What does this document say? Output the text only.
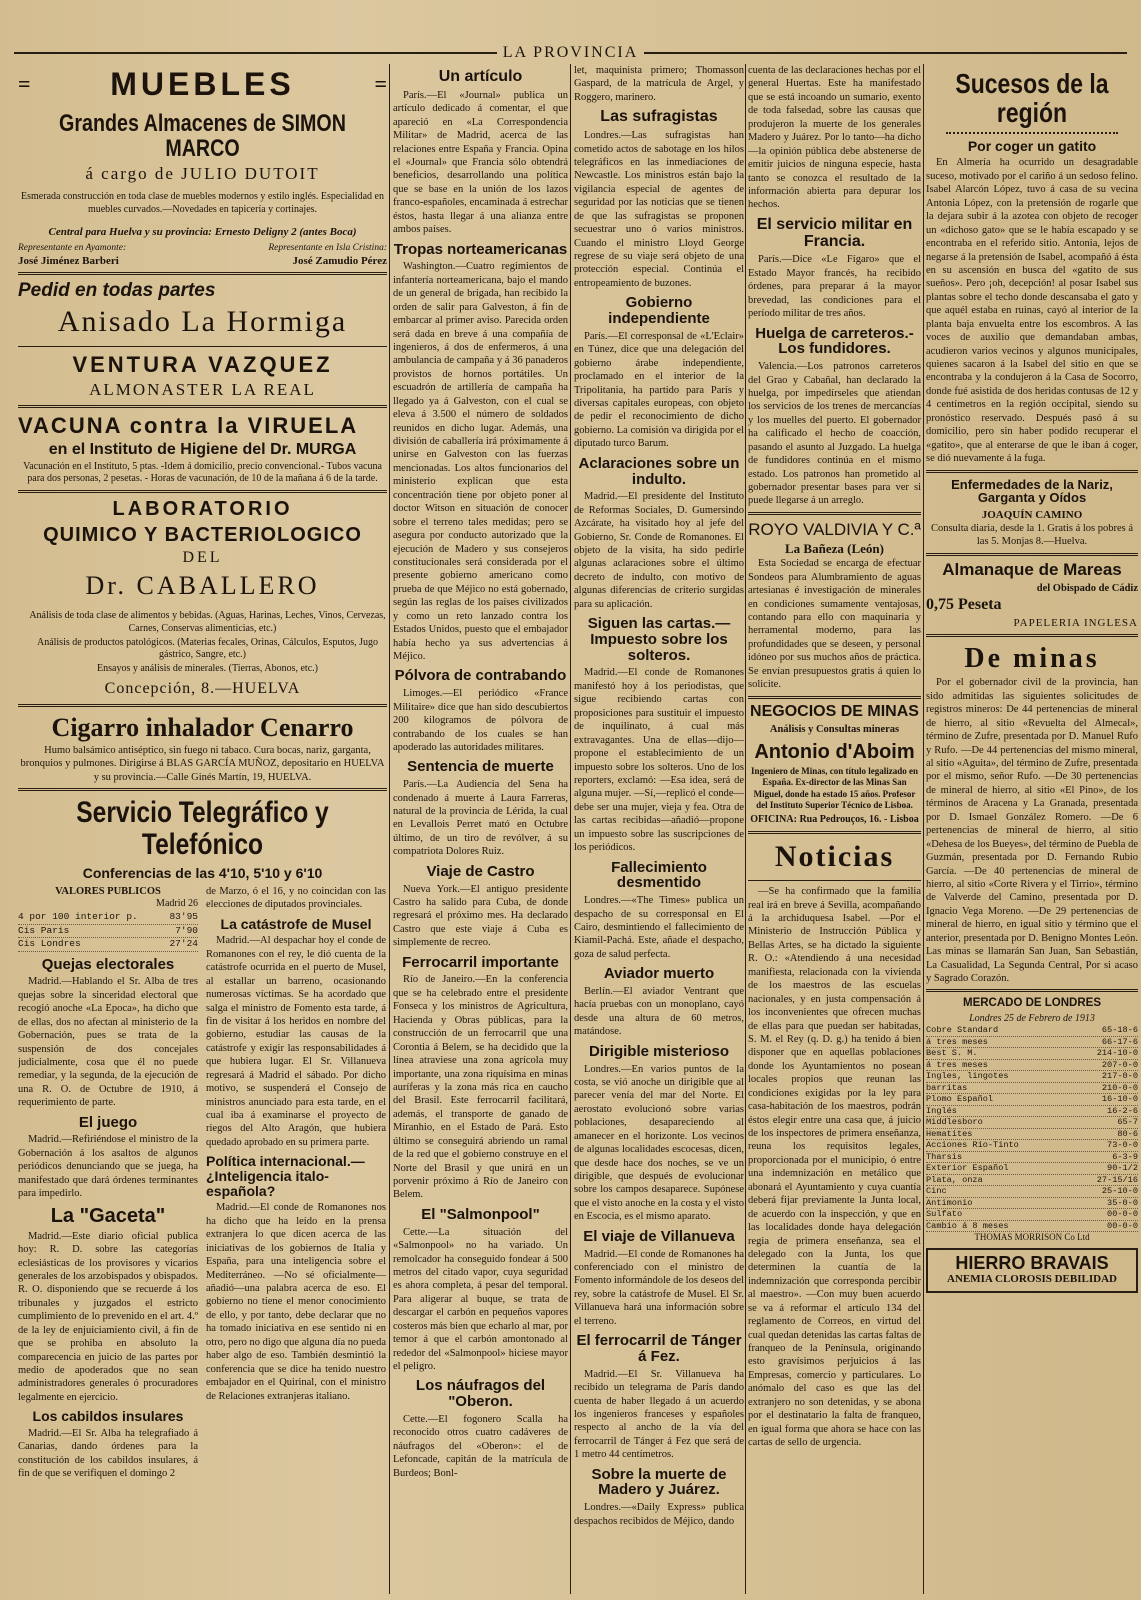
LA PROVINCIA
= MUEBLES	=
Grandes Almacenes de SIMON MARCO
á cargo de JULIO DUTOIT
Esmerada construcción en toda clase de muebles modernos y estilo inglés. Especialidad en muebles curvados.—Novedades en tapicería y cortinajes.
Central para Huelva y su provincia: Ernesto Deligny 2 (antes Boca)
Representante en Ayamonte:	Representante en Isla Cristina:
José Jiménez Barberi	José Zamudio Pérez
Pedid en todas partes
Anisado La Hormiga
VENTURA VAZQUEZ
ALMONASTER LA REAL
VACUNA contra la VIRUELA
en el Instituto de Higiene del Dr. MURGA
Vacunación en el Instituto, 5 ptas. -Idem á domicilio, precio convencional.- Tubos vacuna para dos personas, 2 pesetas. - Horas de vacunación, de 10 de la mañana á 6 de la tarde.
LABORATORIO
QUIMICO Y BACTERIOLOGICO
DEL
Dr. CABALLERO
Análisis de toda clase de alimentos y bebidas. (Aguas, Harinas, Leches, Vinos, Cervezas, Carnes, Conservas alimenticias, etc.)
Análisis de productos patológicos. (Materias fecales, Orinas, Cálculos, Esputos, Jugo gástrico, Sangre, etc.)
Ensayos y análisis de minerales. (Tierras, Abonos, etc.)
Concepción, 8.—HUELVA
Cigarro inhalador Cenarro
Humo balsámico antiséptico, sin fuego ni tabaco. Cura bocas, nariz, garganta, bronquios y pulmones. Dirigirse á BLAS GARCÍA MUÑOZ, depositario en HUELVA y su provincia.—Calle Ginés Martín, 19, HUELVA.
Servicio Telegráfico y Telefónico
Conferencias de las 4'10, 5'10 y 6'10
VALORES PUBLICOS
Madrid 26
4 por 100 interior p.	83'95
Cis Paris	7'90
Cis Londres	27'24
Quejas electorales
Madrid.—Hablando el Sr. Alba de tres quejas sobre la sinceridad electoral que recogió anoche «La Epoca», ha dicho que de ellas, dos no afectan al ministerio de la Gobernación, pues se trata de la suspensión de dos concejales judicialmente, cosa que él no puede remediar, y la segunda, de la ejecución de una R. O. de Octubre de 1910, á requerimiento de parte.
El juego
Madrid.—Refiriéndose el ministro de la Gobernación á los asaltos de algunos periódicos denunciando que se juega, ha manifestado que dará órdenes terminantes para impedirlo.
La "Gaceta"
Madrid.—Este diario oficial publica hoy: R. D. sobre las categorías eclesiásticas de los provisores y vicarios generales de los arzobispados y obispados. R. O. disponiendo que se recuerde á los tribunales y juzgados el estricto cumplimiento de lo prevenido en el art. 4.º de la ley de enjuiciamiento civil, á fin de que se prohiba en absoluto la comparecencia en juicio de las partes por medio de apoderados que no sean administradores generales ó procuradores legalmente en ejercicio.
Los cabildos insulares
Madrid.—El Sr. Alba ha telegrafiado á Canarias, dando órdenes para la constitución de los cabildos insulares, á fin de que se verifiquen el domingo 2
de Marzo, ó el 16, y no coincidan con las elecciones de diputados provinciales.
La catástrofe de Musel
Madrid.—Al despachar hoy el conde de Romanones con el rey, le dió cuenta de la catástrofe ocurrida en el puerto de Musel, al estallar un barreno, ocasionando numerosas víctimas. Se ha acordado que salga el ministro de Fomento esta tarde, á fin de visitar á los heridos en nombre del gobierno, estudiar las causas de la catástrofe y exigir las responsabilidades á que hubiera lugar. El Sr. Villanueva regresará á Madrid el sábado. Por dicho motivo, se suspenderá el Consejo de ministros anunciado para esta tarde, en el cual iba á examinarse el proyecto de riegos del Alto Aragón, que hubiera quedado aprobado en su primera parte.
Política internacional.—¿Inteligencia italo-española?
Madrid.—El conde de Romanones nos ha dicho que ha leído en la prensa extranjera lo que dicen acerca de las iniciativas de los gobiernos de Italia y España, para una inteligencia sobre el Mediterráneo. —No sé oficialmente—añadió—una palabra acerca de eso. El gobierno no tiene el menor conocimiento de ello, y por tanto, debe declarar que no ha tomado iniciativa en ese sentido ni en otro, pero no digo que alguna día no pueda haber algo de eso. También desmintió la conferencia que se dice ha tenido nuestro embajador en el Quirinal, con el ministro de Relaciones extranjeras italiano.
Un artículo
París.—El «Journal» publica un artículo dedicado á comentar, el que apareció en «La Correspondencia Militar» de Madrid, acerca de las relaciones entre España y Francia. Opina el «Journal» que Francia sólo obtendrá beneficios, desarrollando una política que se base en la unión de los lazos franco-españoles, encaminada á estrechar éstos, hasta llegar á una alianza entre ambos países.
Tropas norteamericanas
Washington.—Cuatro regimientos de infantería norteamericana, bajo el mando de un general de brigada, han recibido la orden de salir para Galveston, á fin de embarcar al primer aviso. Parecida orden será dada en breve á una compañía de ingenieros, á dos de enfermeros, á una ambulancia de campaña y á 36 panaderos provistos de hornos portátiles. Un escuadrón de artillería de campaña ha llegado ya á Galveston, con el cual se eleva á 3.500 el número de soldados reunidos en dicho lugar. Además, una división de caballería irá próximamente á unirse en Galveston con las fuerzas mencionadas. Los altos funcionarios del ministerio explican que esta concentración tiene por objeto poner al doctor Witson en situación de conocer sobre el terreno tales medidas; pero se asegura por conducto autorizado que la ejecución de Madero y sus consejeros constitucionales será considerada por el presente gobierno americano como prueba de que Méjico no está gobernado, según las reglas de los países civilizados y como un reto lanzado contra los Estados Unidos, puesto que el embajador había hecho ya sus advertencias á Méjico.
Pólvora de contrabando
Limoges.—El periódico «France Militaire» dice que han sido descubiertos 200 kilogramos de pólvora de contrabando de los cuales se han apoderado las autoridades militares.
Sentencia de muerte
París.—La Audiencia del Sena ha condenado á muerte á Laura Farreras, natural de la provincia de Lérida, la cual en Levallois Perret mató en Octubre último, de un tiro de revólver, á su compatriota Dolores Ruiz.
Viaje de Castro
Nueva York.—El antiguo presidente Castro ha salido para Cuba, de donde regresará el próximo mes. Ha declarado Castro que este viaje á Cuba es simplemente de recreo.
Ferrocarril importante
Río de Janeiro.—En la conferencia que se ha celebrado entre el presidente Fonseca y los ministros de Agricultura, Hacienda y Obras públicas, para la construcción de un ferrocarril que una Corontia á Belem, se ha decidido que la línea atraviese una zona agrícola muy importante, una zona riquísima en minas auríferas y la zona más rica en caucho del Brasil. Este ferrocarril facilitará, además, el transporte de ganado de Miranhio, en el Estado de Pará. Esto último se conseguirá abriendo un ramal de la red que el gobierno construye en el Norte del Brasil y que unirá en un porvenir próximo á Río de Janeiro con Belem.
El "Salmonpool"
Cette.—La situación del «Salmonpool» no ha variado. Un remolcador ha conseguido fondear á 500 metros del citado vapor, cuya seguridad es ahora completa, á pesar del temporal. Para aligerar al buque, se trata de descargar el carbón en pequeños vapores costeros más bien que echarlo al mar, por temor á que el carbón amontonado al rededor del «Salmonpool» hiciese mayor el peligro.
Los náufragos del "Oberon.
Cette.—El fogonero Scalla ha reconocido otros cuatro cadáveres de náufragos del «Oberon»: el de Lefoncade, capitán de la matrícula de Burdeos; Bonl-
let, maquinista primero; Thomasson Gaspard, de la matrícula de Argel, y Roggero, marinero.
Las sufragistas
Londres.—Las sufragistas han cometido actos de sabotage en los hilos telegráficos en las inmediaciones de Newcastle. Los ministros están bajo la vigilancia especial de agentes de seguridad por las noticias que se tienen de que las sufragistas se proponen secuestrar uno ó varios ministros. Cuando el ministro Lloyd George regrese de su viaje será objeto de una protección especial. Continúa el entropeamiento de buzones.
Gobierno independiente
París.—El corresponsal de «L'Eclair» en Túnez, dice que una delegación del gobierno árabe independiente, proclamado en el interior de la Tripolitania, ha partido para París y diversas capitales europeas, con objeto de pedir el reconocimiento de dicho gobierno. La comisión va dirigida por el diputado turco Barum.
Aclaraciones sobre un indulto.
Madrid.—El presidente del Instituto de Reformas Sociales, D. Gumersindo Azcárate, ha visitado hoy al jefe del Gobierno, Sr. Conde de Romanones. El objeto de la visita, ha sido pedirle algunas aclaraciones sobre el último decreto de indulto, con motivo de algunas diferencias de criterio surgidas para su aplicación.
Siguen las cartas.—Impuesto sobre los solteros.
Madrid.—El conde de Romanones manifestó hoy á los periodistas, que sigue recibiendo cartas con proposiciones para sustituir el impuesto de inquilinato, á cual más extravagantes. Una de ellas—dijo—propone el establecimiento de un impuesto sobre los solteros. Uno de los reporters, exclamó: —Esa idea, será de alguna mujer. —Sí,—replicó el conde—debe ser una mujer, vieja y fea. Otra de las cartas recibidas—añadió—propone un impuesto sobre las suscripciones de los periódicos.
Fallecimiento desmentido
Londres.—«The Times» publica un despacho de su corresponsal en El Cairo, desmintiendo el fallecimiento de Kiamil-Pachá. Este, añade el despacho, goza de salud perfecta.
Aviador muerto
Berlín.—El aviador Ventrant que hacía pruebas con un monoplano, cayó desde una altura de 60 metros, matándose.
Dirigible misterioso
Londres.—En varios puntos de la costa, se vió anoche un dirigible que al parecer venía del mar del Norte. El aerostato evolucionó sobre varias poblaciones, desapareciendo al amanecer en el horizonte. Los vecinos de algunas localidades escocesas, dicen, que desde hace dos noches, se ve un dirigible, que después de evolucionar sobre los campos desaparece. Supónese que el visto anoche en la costa y el visto en Escocia, es el mismo aparato.
El viaje de Villanueva
Madrid.—El conde de Romanones ha conferenciado con el ministro de Fomento informándole de los deseos del rey, sobre la catástrofe de Musel. El Sr. Villanueva hará una información sobre el terreno.
El ferrocarril de Tánger á Fez.
Madrid.—El Sr. Villanueva ha recibido un telegrama de París dando cuenta de haber llegado á un acuerdo los ingenieros franceses y españoles respecto al ancho de la vía del ferrocarril de Tánger á Fez que será de 1 metro 44 centímetros.
Sobre la muerte de Madero y Juárez.
Londres.—«Daily Express» publica despachos recibidos de Méjico, dando
cuenta de las declaraciones hechas por el general Huertas. Este ha manifestado que se está incoando un sumario, exento de toda falsedad, sobre las causas que produjeron la muerte de los generales Madero y Juárez. Por lo tanto—ha dicho—la opinión pública debe abstenerse de emitir juicios de ninguna especie, hasta tanto se conozca el resultado de la información abierta para depurar los hechos.
El servicio militar en Francia.
París.—Dice «Le Fígaro» que el Estado Mayor francés, ha recibido órdenes, para preparar á la mayor brevedad, las condiciones para el período militar de tres años.
Huelga de carreteros.-Los fundidores.
Valencia.—Los patronos carreteros del Grao y Cabañal, han declarado la huelga, por impedírseles que atiendan los servicios de los trenes de mercancías y los muelles del puerto. El gobernador ha calificado el hecho de coacción, pasando el asunto al Juzgado. La huelga de fundidores continúa en el mismo estado. Los patronos han prometido al gobernador presentar bases para ver si puede llegarse á un arreglo.
ROYO VALDIVIA Y C.ª
La Bañeza (León)
Esta Sociedad se encarga de efectuar Sondeos para Alumbramiento de aguas artesianas é investigación de minerales en condiciones sumamente ventajosas, contando para ello con maquinaria y herramental moderno, para las profundidades que se deseen, y personal idóneo por sus muchos años de práctica. Se envían presupuestos gratis á quien lo solicite.
NEGOCIOS DE MINAS
Análisis y Consultas mineras
Antonio d'Aboim
Ingeniero de Minas, con título legalizado en España. Ex-director de las Minas San Miguel, donde ha estado 15 años. Profesor del Instituto Superior Técnico de Lisboa.
OFICINA: Rua Pedrouços, 16. - Lisboa
Noticias
—Se ha confirmado que la familia real irá en breve á Sevilla, acompañando á la archiduquesa Isabel. —Por el Ministerio de Instrucción Pública y Bellas Artes, se ha dictado la siguiente R. O.: «Atendiendo á una necesidad manifiesta, relacionada con la vivienda de los maestros de las escuelas nacionales, y en justa compensación á los inconvenientes que ofrecen muchas de ellas para que puedan ser habitadas, S. M. el Rey (q. D. g.) ha tenido á bien disponer que en aquellas poblaciones donde los Ayuntamientos no posean locales propios que reunan las condiciones exigidas por la ley para casa-habitación de los maestros, podrán éstos elegir entre una casa que, á juicio de los inspectores de primera enseñanza, reuna los requisitos legales, proporcionada por el municipio, ó entre una indemnización en metálico que abonará el Ayuntamiento y cuya cuantía deberá fijar previamente la Junta local, de acuerdo con la inspección, y que en las localidades donde haya delegación regia de primera enseñanza, sea el delegado con la Junta, los que determinen la cuantía de la indemnización que corresponda percibir al maestro». —Con muy buen acuerdo se va á reformar el artículo 134 del reglamento de Correos, en virtud del cual quedan detenidas las cartas faltas de franqueo de la Península, originando esto gravísimos perjuicios á las Empresas, comercio y particulares. Lo anómalo del caso es que las del extranjero no son detenidas, y se abona por el destinatario la falta de franqueo, en igual forma que ahora se hace con las cartas de sello de urgencia.
Sucesos de la región
Por coger un gatito
En Almería ha ocurrido un desagradable suceso, motivado por el cariño á un sedoso felino. Isabel Alarcón López, tuvo á casa de su vecina Antonia López, con la pretensión de rogarle que la dejara subir á la azotea con objeto de recoger un «dichoso gato» que se le había escapado y se encontraba en el referido sitio. Antonia, lejos de negarse á la pretensión de Isabel, acompañó á ésta en su ascensión en busca del «gatito de sus sueños». Pero ¡oh, decepción! al posar Isabel sus plantas sobre el techo donde descansaba el gato y que aquél estaba en ruinas, cayó al interior de la planta baja envuelta entre los escombros. A las voces de auxilio que demandaban ambas, acudieron varios vecinos y algunos municipales, quienes sacaron á la Isabel del sitio en que se encontraba y la condujeron á la Casa de Socorro, donde fué asistida de dos heridas contusas de 12 y 4 centímetros en la región occipital, siendo su pronóstico reservado. Después pasó á su domicilio, pero sin haber podido recuperar el «gatito», que al enterarse de que le iban á coger, se dió nuevamente á la fuga.
Enfermedades de la Nariz, Garganta y Oídos
JOAQUÍN CAMINO
Consulta diaria, desde la 1. Gratis á los pobres á las 5. Monjas 8.—Huelva.
Almanaque de Mareas
del Obispado de Cádiz
0,75 Peseta
PAPELERIA INGLESA
De minas
Por el gobernador civil de la provincia, han sido admitidas las siguientes solicitudes de registros mineros: De 44 pertenencias de mineral de hierro, al sitio «Revuelta del Almecal», término de Zufre, presentada por D. Manuel Rufo y Rufo. —De 44 pertenencias del mismo mineral, al sitio «Aguita», del término de Zufre, presentada por el mismo, señor Rufo. —De 30 pertenencias de mineral de hierro, al sitio «El Pino», de los términos de Aracena y La Granada, presentada por D. Ismael González Romero. —De 6 pertenencias de mineral de hierro, al sitio «Dehesa de los Bueyes», del término de Puebla de Guzmán, presentada por D. Fernando Rubio García. —De 40 pertenencias de mineral de hierro, al sitio «Corte Rivera y el Tirrio», término de Valverde del Camino, presentada por D. Ignacio Vega Moreno. —De 29 pertenencias de mineral de hierro, en igual sitio y término que el anterior, presentada por D. Benigno Montes León. Las minas se llamarán San Juan, San Sebastián, La Casualidad, La Segunda Central, Por si acaso y Sagrado Corazón.
MERCADO DE LONDRES
Londres 25 de Febrero de 1913
Cobre Standard	65-18-6
á tres meses	66-17-6
Best S. M.	214-10-0
á tres meses	207-0-0
Ingles, lingotes	217-0-0
barritas	210-0-0
Plomo Español	16-10-0
Inglés	16-2-6
Middlesboro	65-7
Hematites	80-6
Acciones Río-Tinto	73-0-0
Tharsis	6-3-9
Exterior Español	90-1/2
Plata, onza	27-15/16
Cinc	25-10-0
Antimonio	35-0-0
Sulfato	00-0-0
Cambio á 8 meses	00-0-0
THOMAS MORRISON Co Ltd
HIERRO BRAVAIS
ANEMIA CLOROSIS DEBILIDAD
